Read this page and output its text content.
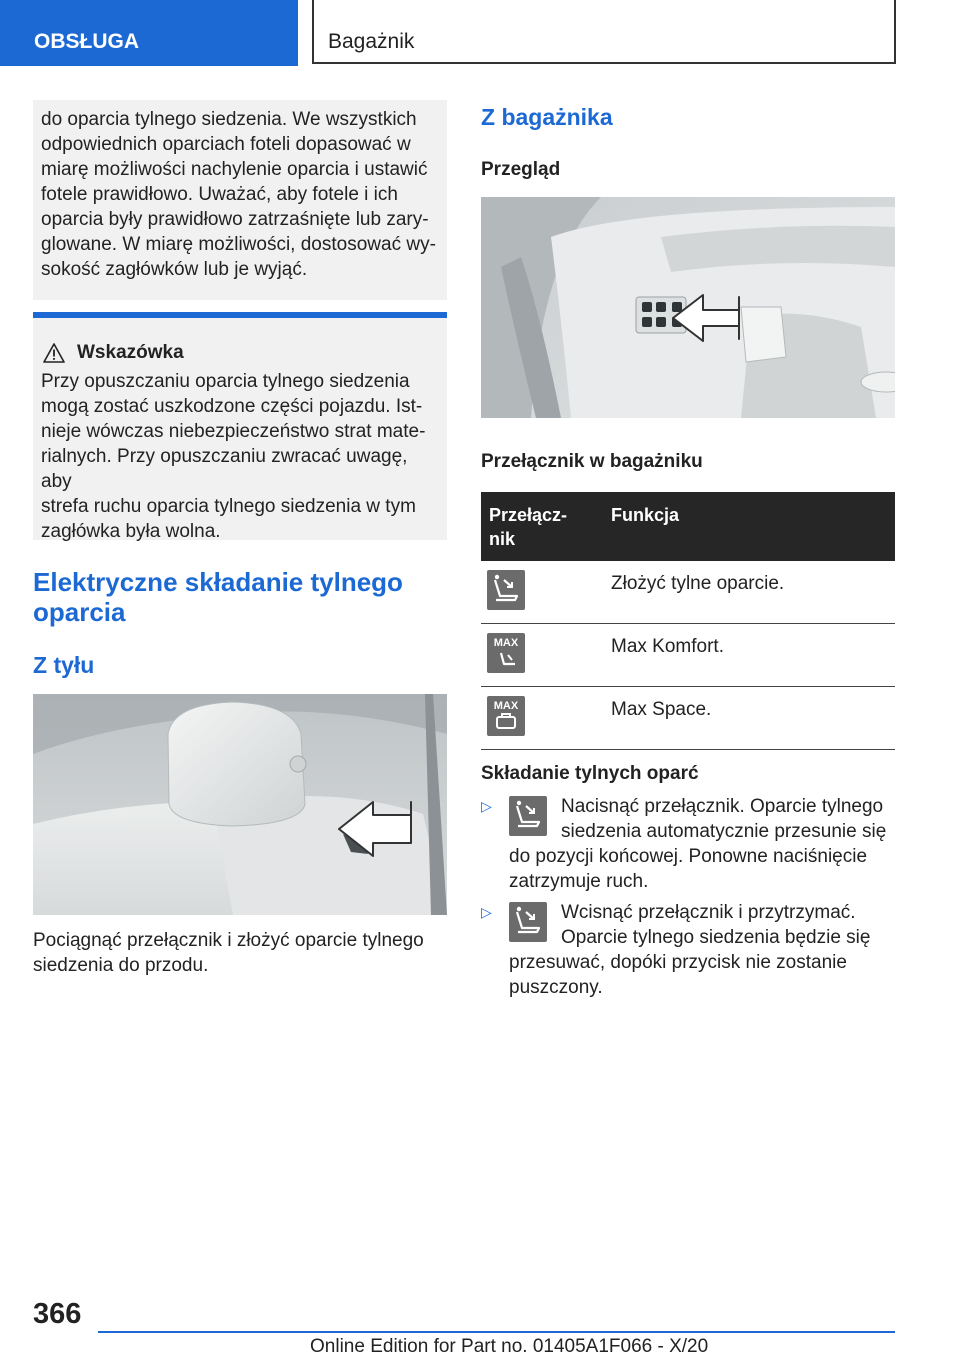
OBSŁUGA	Bagażnik
do oparcia tylnego siedzenia. We wszystkich
odpowiednich oparciach foteli dopasować w
miarę możliwości nachylenie oparcia i ustawić
fotele prawidłowo. Uważać, aby fotele i ich
oparcia były prawidłowo zatrzaśnięte lub zary-
glowane. W miarę możliwości, dostosować wy-
sokość zagłówków lub je wyjąć.
Wskazówka
Przy opuszczaniu oparcia tylnego siedzenia
mogą zostać uszkodzone części pojazdu. Ist-
nieje wówczas niebezpieczeństwo strat mate-
rialnych. Przy opuszczaniu zwracać uwagę, aby
strefa ruchu oparcia tylnego siedzenia w tym
zagłówka była wolna.
Elektryczne składanie tylnego
oparcia
Z tyłu
Pociągnąć przełącznik i złożyć oparcie tylnego
siedzenia do przodu.
Z bagażnika
Przegląd
Przełącznik w bagażniku
Przełącz-
nik	Funkcja

	Złożyć tylne oparcie.

MAX	Max Komfort.

MAX	Max Space.
Składanie tylnych oparć
▷	Nacisnąć przełącznik. Oparcie tylnego
siedzenia automatycznie przesunie się
do pozycji końcowej. Ponowne naciśnięcie
zatrzymuje ruch.
▷	Wcisnąć przełącznik i przytrzymać.
Oparcie tylnego siedzenia będzie się
przesuwać, dopóki przycisk nie zostanie
puszczony.
366
Online Edition for Part no. 01405A1F066 - X/20
